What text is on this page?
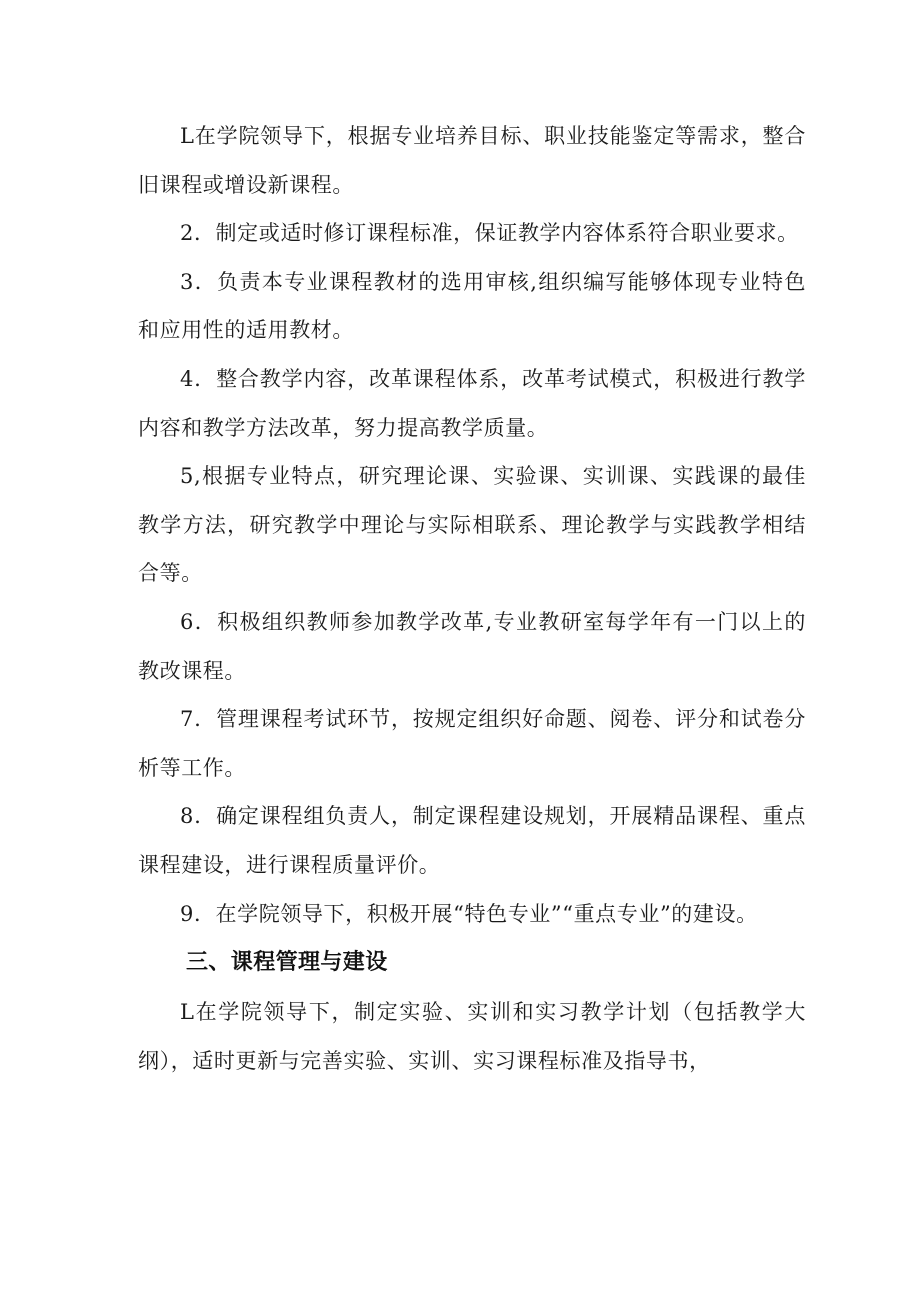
L在学院领导下，根据专业培养目标、职业技能鉴定等需求，整合旧课程或增设新课程。

2．制定或适时修订课程标准，保证教学内容体系符合职业要求。

3．负责本专业课程教材的选用审核,组织编写能够体现专业特色和应用性的适用教材。

4．整合教学内容，改革课程体系，改革考试模式，积极进行教学内容和教学方法改革，努力提高教学质量。

5,根据专业特点，研究理论课、实验课、实训课、实践课的最佳教学方法，研究教学中理论与实际相联系、理论教学与实践教学相结合等。

6．积极组织教师参加教学改革,专业教研室每学年有一门以上的教改课程。

7．管理课程考试环节，按规定组织好命题、阅卷、评分和试卷分析等工作。

8．确定课程组负责人，制定课程建设规划，开展精品课程、重点课程建设，进行课程质量评价。

9．在学院领导下，积极开展“特色专业”“重点专业”的建设。

三、课程管理与建设

L在学院领导下，制定实验、实训和实习教学计划（包括教学大纲），适时更新与完善实验、实训、实习课程标准及指导书，
